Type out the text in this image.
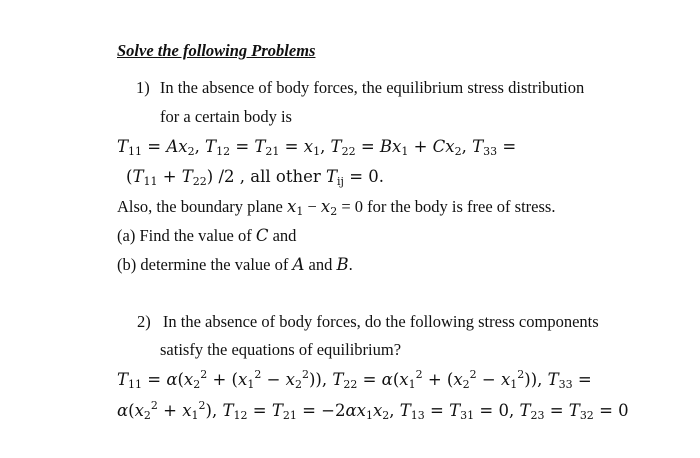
Solve the following Problems
1) In the absence of body forces, the equilibrium stress distribution
for a certain body is
$T_{11} = Ax_2$, $T_{12} = T_{21} = x_1$, $T_{22} = Bx_1 + Cx_2$, $T_{33}$ =
$(T_{11} + T_{22})$ /2 , all other $T_{ij} = 0$.
Also, the boundary plane $x_1 - x_2 = 0$ for the body is free of stress.
(a) Find the value of C and
(b) determine the value of A and B.
2) In the absence of body forces, do the following stress components
satisfy the equations of equilibrium?
$T_{11} = \alpha(x_2^2 + (x_1^2 - x_2^2))$, $T_{22} = \alpha(x_1^2 + (x_2^2 - x_1^2))$, $T_{33}$ =
$\alpha(x_2^2 + x_1^2)$, $T_{12} = T_{21} = -2\alpha x_1x_2$, $T_{13} = T_{31} = 0$, $T_{23} = T_{32} = 0$
